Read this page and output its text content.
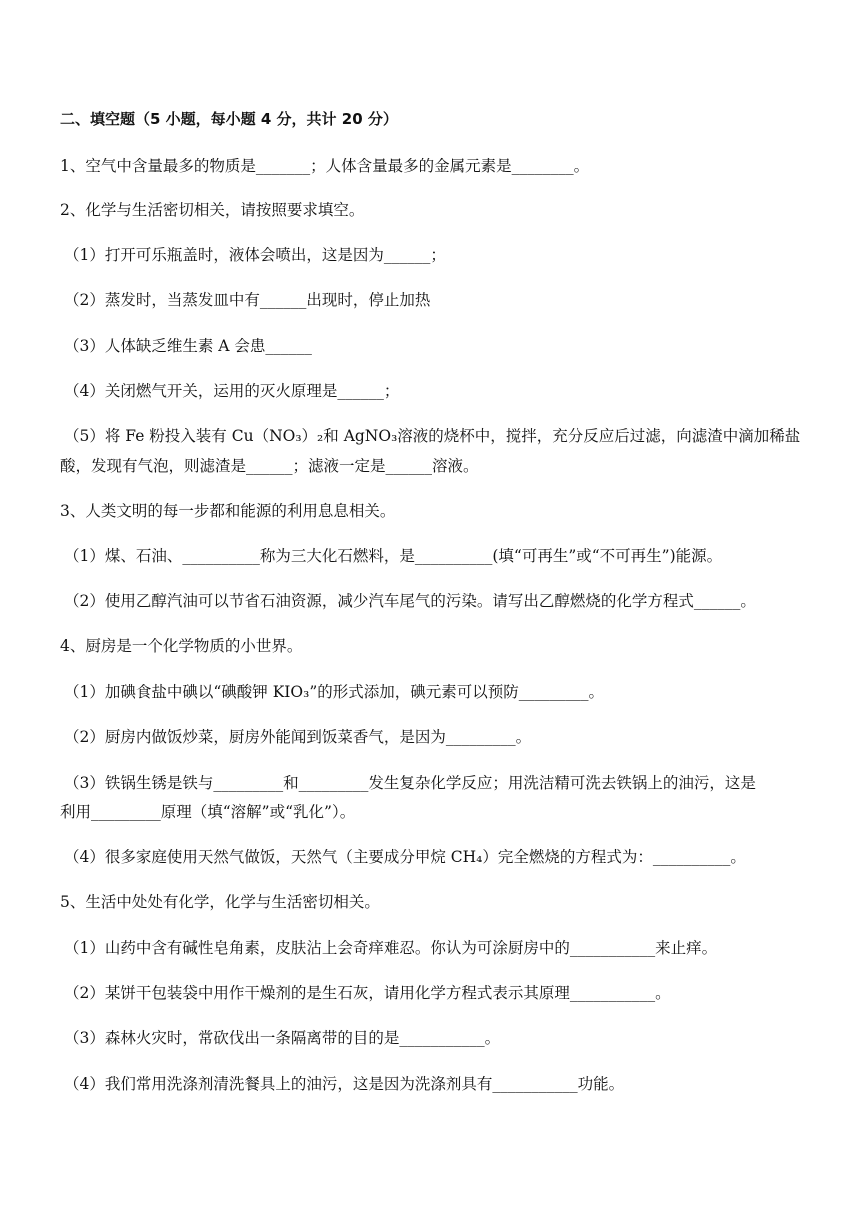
二、填空题（5 小题，每小题 4 分，共计 20 分）
1、空气中含量最多的物质是_______；人体含量最多的金属元素是________。
2、化学与生活密切相关，请按照要求填空。
（1）打开可乐瓶盖时，液体会喷出，这是因为______；
（2）蒸发时，当蒸发皿中有______出现时，停止加热
（3）人体缺乏维生素 A 会患______
（4）关闭燃气开关，运用的灭火原理是______；
（5）将 Fe 粉投入装有 Cu（NO₃）₂和 AgNO₃溶液的烧杯中，搅拌，充分反应后过滤，向滤渣中滴加稀盐
酸，发现有气泡，则滤渣是______；滤液一定是______溶液。
3、人类文明的每一步都和能源的利用息息相关。
（1）煤、石油、__________称为三大化石燃料，是__________(填“可再生”或“不可再生”)能源。
（2）使用乙醇汽油可以节省石油资源，减少汽车尾气的污染。请写出乙醇燃烧的化学方程式______。
4、厨房是一个化学物质的小世界。
（1）加碘食盐中碘以“碘酸钾 KIO₃”的形式添加，碘元素可以预防_________。
（2）厨房内做饭炒菜，厨房外能闻到饭菜香气，是因为_________。
（3）铁锅生锈是铁与_________和_________发生复杂化学反应；用洗洁精可洗去铁锅上的油污，这是
利用_________原理（填“溶解”或“乳化”）。
（4）很多家庭使用天然气做饭，天然气（主要成分甲烷 CH₄）完全燃烧的方程式为：__________。
5、生活中处处有化学，化学与生活密切相关。
（1）山药中含有碱性皂角素，皮肤沾上会奇痒难忍。你认为可涂厨房中的___________来止痒。
（2）某饼干包装袋中用作干燥剂的是生石灰，请用化学方程式表示其原理___________。
（3）森林火灾时，常砍伐出一条隔离带的目的是___________。
（4）我们常用洗涤剂清洗餐具上的油污，这是因为洗涤剂具有___________功能。
